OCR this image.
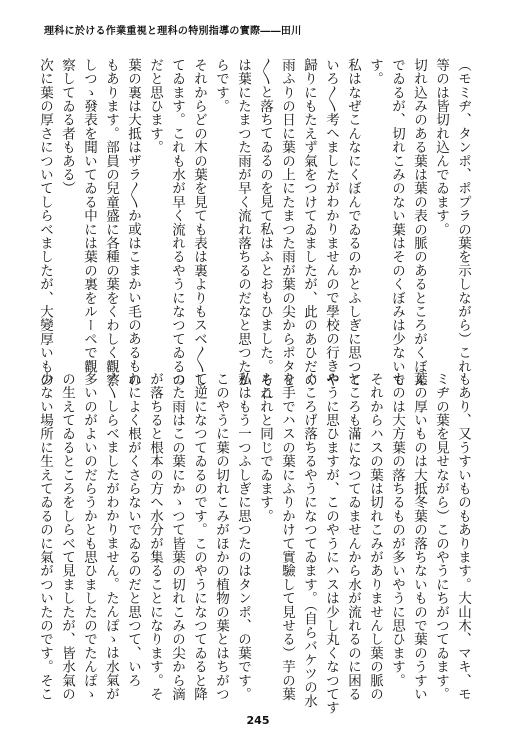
理科に於ける作業重視と理科の特別指導の實際――田川
（モミヂ、タンポ、ポプラの葉を示しながら）これ
等のは皆切れ込んでゐます。
切れ込みのある葉は葉の表の脈のあるところがくぼん
でゐるが、切れこみのない葉はそのくぼみは少ないで
す。
私はなぜこんなにくぼんでゐるのかとふしぎに思つて
いろ〳〵考へましたがわかりませんので學校の行きや
歸りにもたえず氣をつけてゐましたが、此のあひだの
雨ふりの日に葉の上にたまつた雨が葉の尖からポタリ
〳〵と落ちてゐるのを見て私はふとおもひました。それ
は葉にたまつた雨が早く流れ落ちるのだなと思つたか
らです。
それからどの木の葉を見ても表は裏よりもスベ〳〵し
てゐます。これも水が早く流れるやうになつてゐるの
だと思ひます。
葉の裏は大抵はザラ〳〵か或はこまかい毛のあるもの
もあります。部員の兒童盛に各種の葉をくわしく觀察
しつゝ發表を聞いてゐる中には葉の裏をルーペで觀
察してゐる者もある）
次に葉の厚さについてしらべましたが、大變厚いもの
もあり、又うすいものもあります。大山木、マキ、モ
ミヂの葉を見せながら）このやうにちがつてゐます。
葉の厚いものは大抵冬葉の落ちないもので葉のうすい
ものは大方葉の落ちるものが多いやうに思ひます。
それからハスの葉は切れこみがありませんし葉の脈の
ところも滿になつてゐませんから水が流れるのに困る
やうに思ひますが、このやうにハスは少し丸くなつてす
ぐころげ落ちるやうになつてゐます。（自らバケツの水
を手でハスの葉にふりかけて實驗して見せる）芋の葉
もこれと同じでゐます。
私はもう一つふしぎに思つたのはタンポ、の葉です。
このやうに葉の切れこみがほかの植物の葉とはちがつ
て逆になつてゐるのです。このやうになつてゐると降
つた雨はこの葉にかゝつて皆葉の切れこみの尖から滴
が落ちると根本の方へ水分が集ることになります。そ
れによく根がくさらないでゐるのだと思つて、いろ
〳〵しらべましたがわかりません。たんぽゝは水氣が
多いのがよいのだらうかとも思ひましたのでたんぽゝ
の生えてゐるところをしらべて見ましたが、皆水氣の
少ない場所に生えてゐるのに氣がついたのです。そこ
245
